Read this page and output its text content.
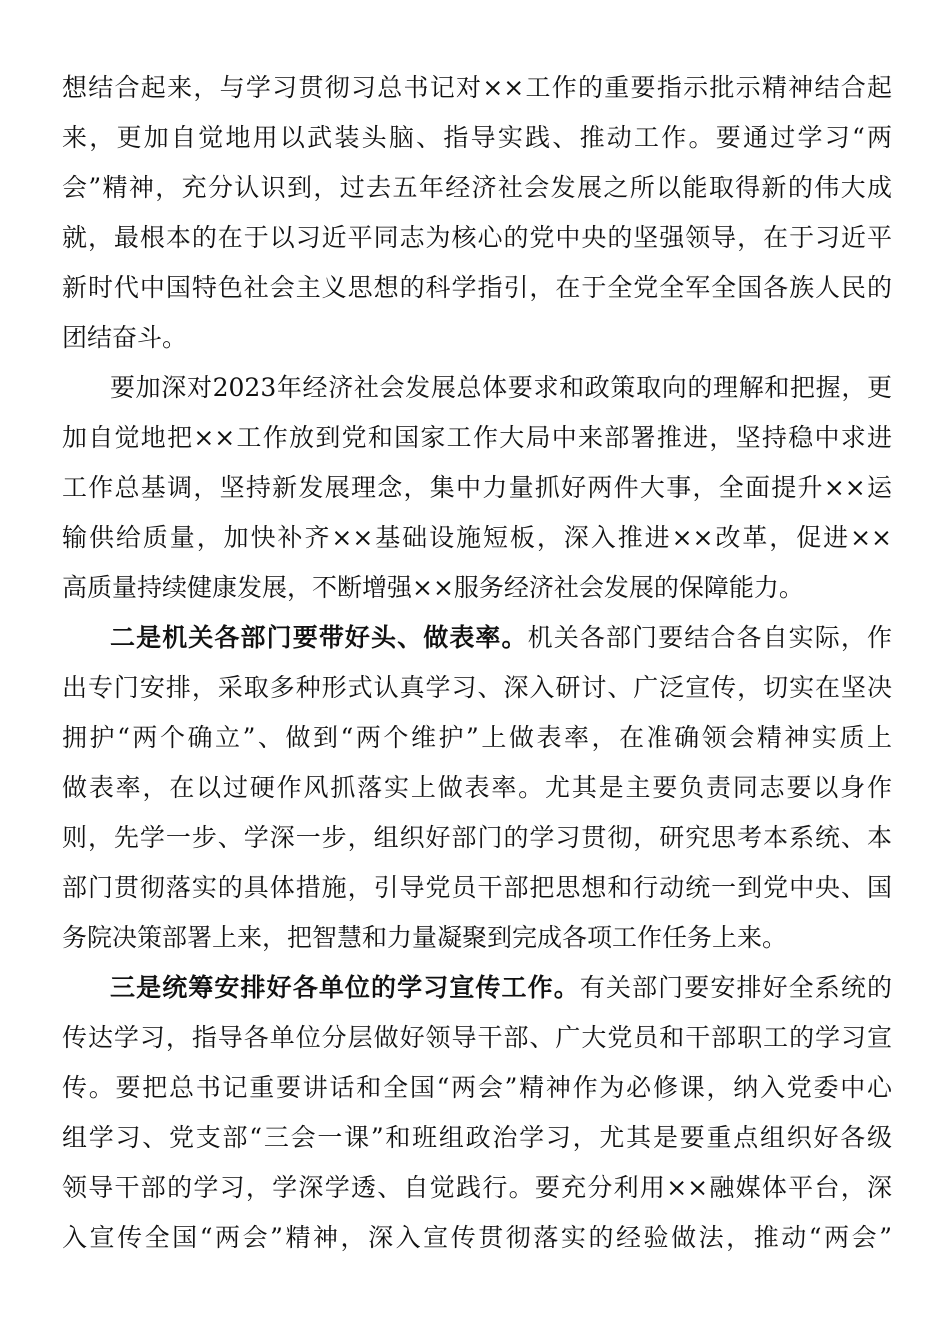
想结合起来，与学习贯彻习总书记对××工作的重要指示批示精神结合起
来，更加自觉地用以武装头脑、指导实践、推动工作。要通过学习“两
会”精神，充分认识到，过去五年经济社会发展之所以能取得新的伟大成
就，最根本的在于以习近平同志为核心的党中央的坚强领导，在于习近平
新时代中国特色社会主义思想的科学指引，在于全党全军全国各族人民的
团结奋斗。
要加深对2023年经济社会发展总体要求和政策取向的理解和把握，更
加自觉地把××工作放到党和国家工作大局中来部署推进，坚持稳中求进
工作总基调，坚持新发展理念，集中力量抓好两件大事，全面提升××运
输供给质量，加快补齐××基础设施短板，深入推进××改革，促进××
高质量持续健康发展，不断增强××服务经济社会发展的保障能力。
二是机关各部门要带好头、做表率。机关各部门要结合各自实际，作
出专门安排，采取多种形式认真学习、深入研讨、广泛宣传，切实在坚决
拥护“两个确立”、做到“两个维护”上做表率，在准确领会精神实质上
做表率，在以过硬作风抓落实上做表率。尤其是主要负责同志要以身作
则，先学一步、学深一步，组织好部门的学习贯彻，研究思考本系统、本
部门贯彻落实的具体措施，引导党员干部把思想和行动统一到党中央、国
务院决策部署上来，把智慧和力量凝聚到完成各项工作任务上来。
三是统筹安排好各单位的学习宣传工作。有关部门要安排好全系统的
传达学习，指导各单位分层做好领导干部、广大党员和干部职工的学习宣
传。要把总书记重要讲话和全国“两会”精神作为必修课，纳入党委中心
组学习、党支部“三会一课”和班组政治学习，尤其是要重点组织好各级
领导干部的学习，学深学透、自觉践行。要充分利用××融媒体平台，深
入宣传全国“两会”精神，深入宣传贯彻落实的经验做法，推动“两会”
